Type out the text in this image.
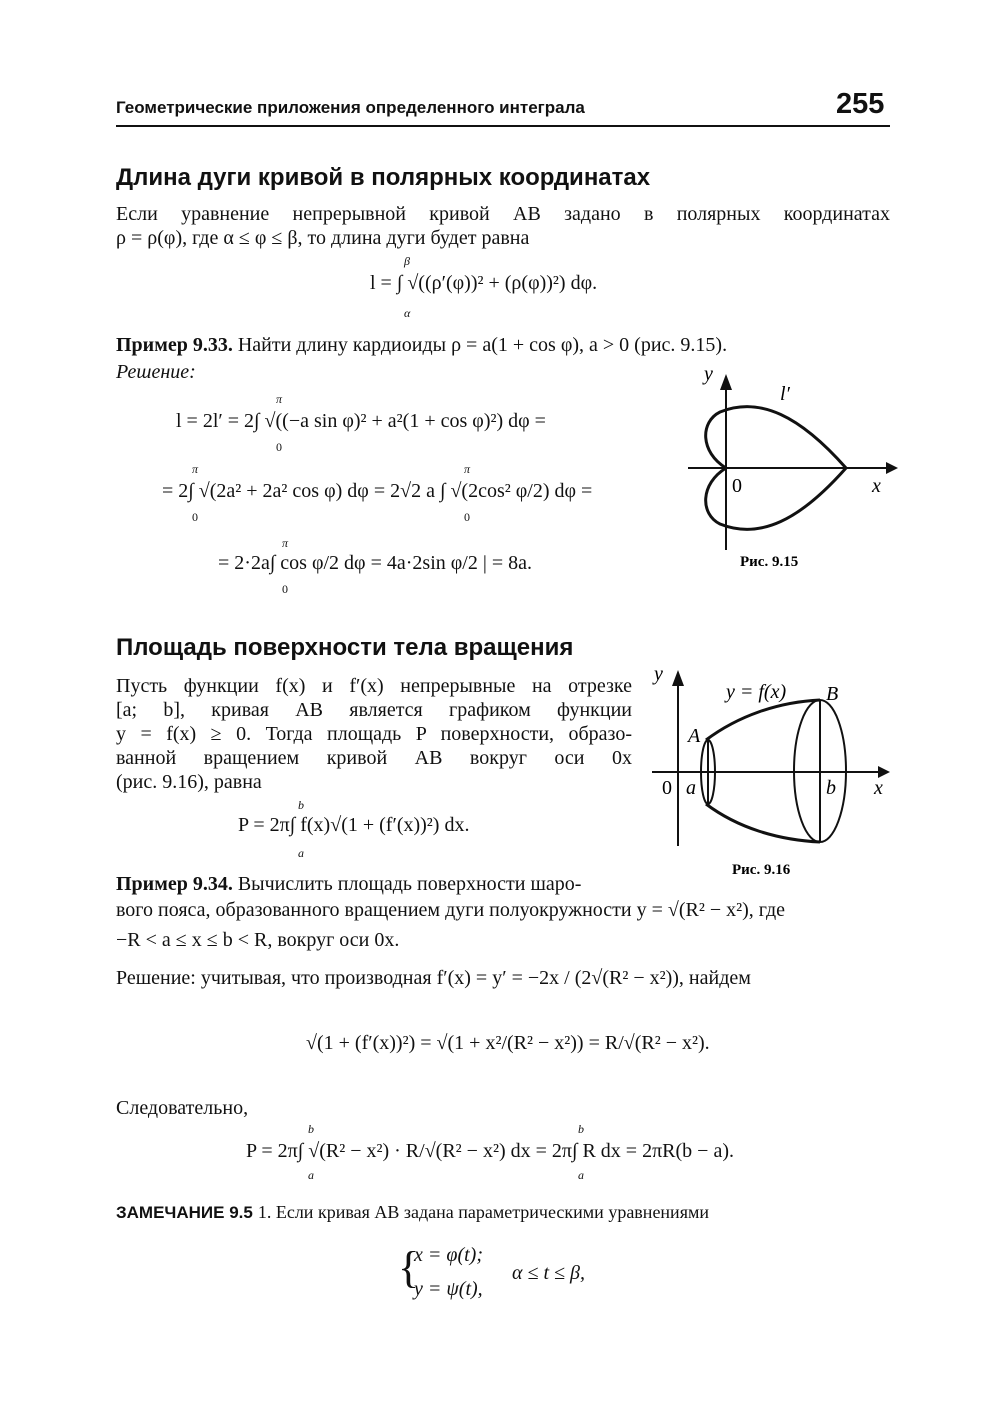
Геометрические приложения определенного интеграла	255
Длина дуги кривой в полярных координатах
Если уравнение непрерывной кривой AB задано в полярных координатах
ρ = ρ(φ), где α ≤ φ ≤ β, то длина дуги будет равна
l = ∫ √((ρ′(φ))² + (ρ(φ))²) dφ.
β
α
Пример 9.33. Найти длину кардиоиды ρ = a(1 + cos φ), a > 0 (рис. 9.15).
Решение:
l = 2l′ = 2∫ √((−a sin φ)² + a²(1 + cos φ)²) dφ =
π
0
= 2∫ √(2a² + 2a² cos φ) dφ = 2√2 a ∫ √(2cos² φ/2) dφ =
π
0
π
0
= 2·2a∫ cos φ/2 dφ = 4a·2sin φ/2 | = 8a.
π
0
y
x
0
l′
Рис. 9.15
Площадь поверхности тела вращения
Пусть функции f(x) и f′(x) непрерывные на отрезке
[a; b], кривая AB является графиком функции
y = f(x) ≥ 0. Тогда площадь P поверхности, образо-
ванной вращением кривой AB вокруг оси 0x
(рис. 9.16), равна
P = 2π∫ f(x)√(1 + (f′(x))²) dx.
b
a
y
x
0
y = f(x)
A
B
a	b
Рис. 9.16
Пример 9.34. Вычислить площадь поверхности шаро-
вого пояса, образованного вращением дуги полуокружности y = √(R² − x²), где
−R < a ≤ x ≤ b < R, вокруг оси 0x.
Решение: учитывая, что производная f′(x) = y′ = −2x / (2√(R² − x²)), найдем
√(1 + (f′(x))²) = √(1 + x²/(R² − x²)) = R/√(R² − x²).
Следовательно,
P = 2π∫ √(R² − x²) · R/√(R² − x²) dx = 2π∫ R dx = 2πR(b − a).
b
a
b
a
ЗАМЕЧАНИЕ 9.5 1. Если кривая AB задана параметрическими уравнениями
{
x = φ(t);
y = ψ(t),
α ≤ t ≤ β,
